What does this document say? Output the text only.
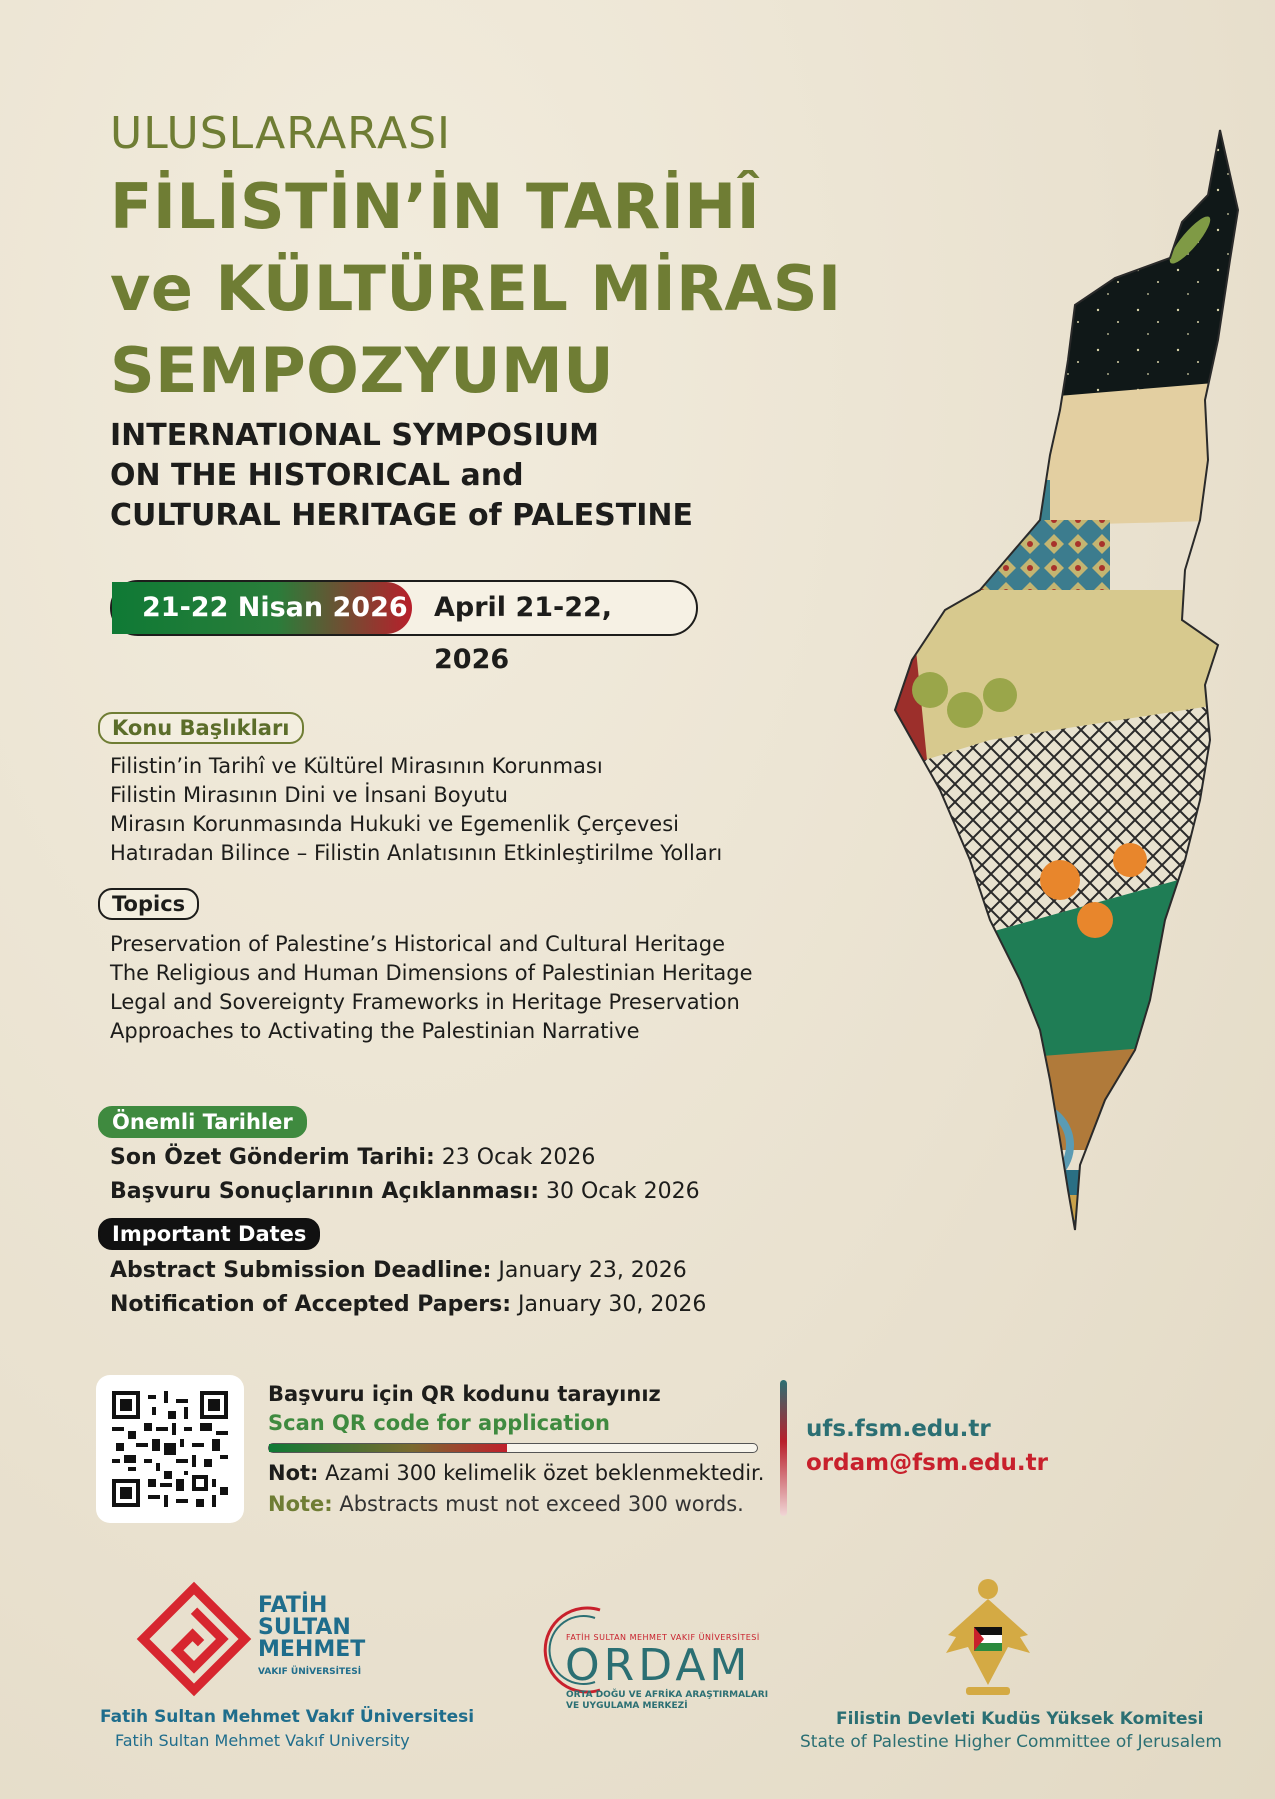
ULUSLARARASI
FİLİSTİN’İN TARİHÎ
ve KÜLTÜREL MİRASI
SEMPOZYUMU
INTERNATIONAL SYMPOSIUM
ON THE HISTORICAL and
CULTURAL HERITAGE of PALESTINE
21-22 Nisan 2026 April 21-22, 2026
Konu Başlıkları
Filistin’in Tarihî ve Kültürel Mirasının Korunması
Filistin Mirasının Dini ve İnsani Boyutu
Mirasın Korunmasında Hukuki ve Egemenlik Çerçevesi
Hatıradan Bilince – Filistin Anlatısının Etkinleştirilme Yolları
Topics
Preservation of Palestine’s Historical and Cultural Heritage
The Religious and Human Dimensions of Palestinian Heritage
Legal and Sovereignty Frameworks in Heritage Preservation
Approaches to Activating the Palestinian Narrative
Önemli Tarihler
Son Özet Gönderim Tarihi: 23 Ocak 2026
Başvuru Sonuçlarının Açıklanması: 30 Ocak 2026
Important Dates
Abstract Submission Deadline: January 23, 2026
Notification of Accepted Papers: January 30, 2026
Başvuru için QR kodunu tarayınız
Scan QR code for application
Not: Azami 300 kelimelik özet beklenmektedir.
Note: Abstracts must not exceed 300 words.
ufs.fsm.edu.tr
ordam@fsm.edu.tr
FATİH
SULTAN
MEHMET
VAKIF ÜNİVERSİTESİ
Fatih Sultan Mehmet Vakıf Üniversitesi
Fatih Sultan Mehmet Vakıf University
FATİH SULTAN MEHMET VAKIF ÜNİVERSİTESİ
ORDAM
ORTA DOĞU VE AFRİKA ARAŞTIRMALARI
VE UYGULAMA MERKEZİ
Filistin Devleti Kudüs Yüksek Komitesi
State of Palestine Higher Committee of Jerusalem
